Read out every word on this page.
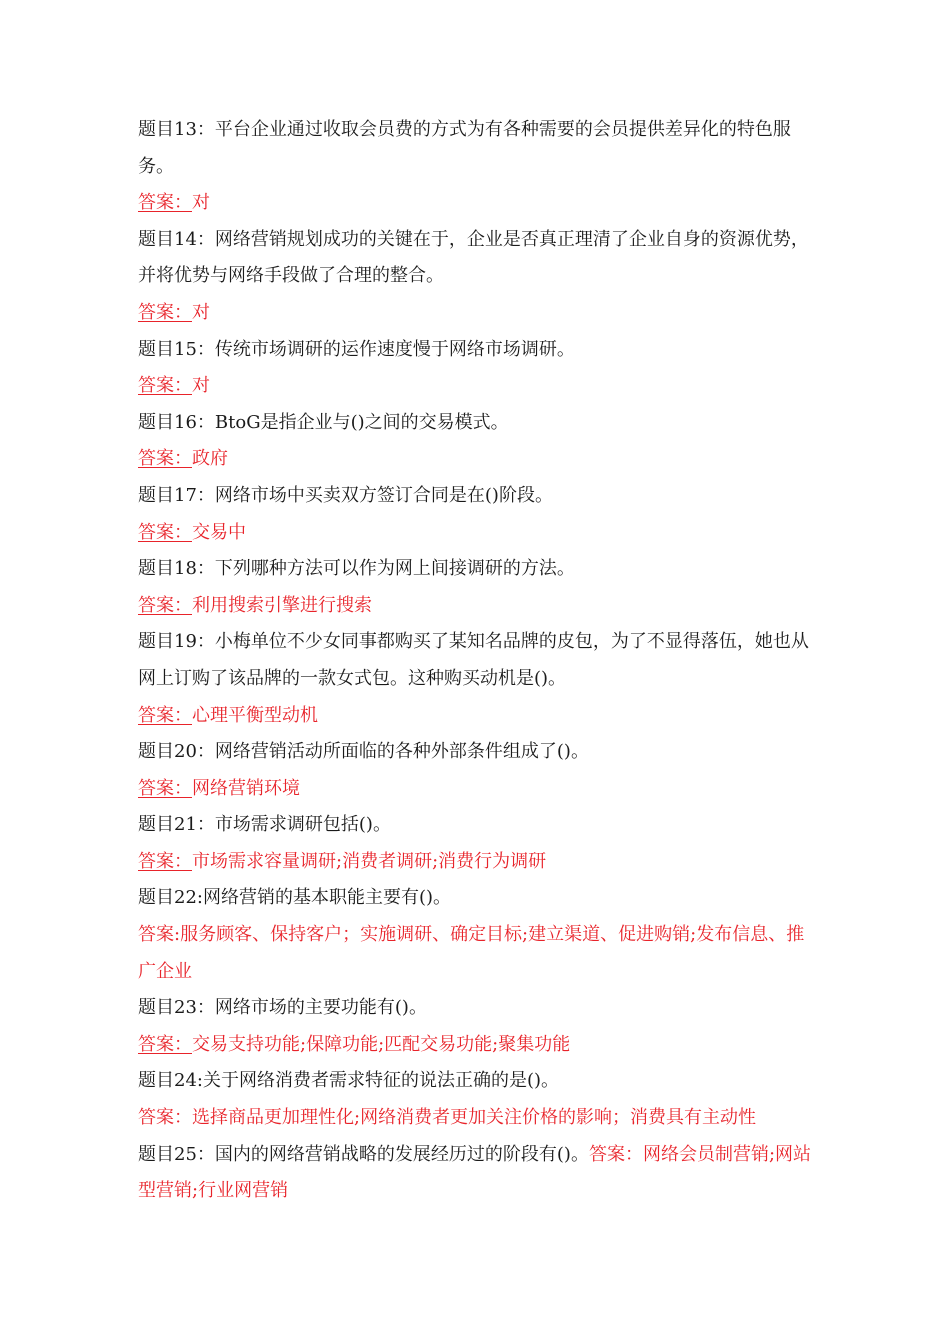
题目13：平台企业通过收取会员费的方式为有各种需要的会员提供差异化的特色服务。

答案：对

题目14：网络营销规划成功的关键在于，企业是否真正理清了企业自身的资源优势，并将优势与网络手段做了合理的整合。

答案：对

题目15：传统市场调研的运作速度慢于网络市场调研。

答案：对

题目16：BtoG是指企业与()之间的交易模式。

答案：政府

题目17：网络市场中买卖双方签订合同是在()阶段。

答案：交易中

题目18：下列哪种方法可以作为网上间接调研的方法。

答案：利用搜索引擎进行搜索

题目19：小梅单位不少女同事都购买了某知名品牌的皮包，为了不显得落伍，她也从网上订购了该品牌的一款女式包。这种购买动机是()。

答案：心理平衡型动机

题目20：网络营销活动所面临的各种外部条件组成了()。

答案：网络营销环境

题目21：市场需求调研包括()。

答案：市场需求容量调研;消费者调研;消费行为调研

题目22:网络营销的基本职能主要有()。

答案:服务顾客、保持客户；实施调研、确定目标;建立渠道、促进购销;发布信息、推广企业

题目23：网络市场的主要功能有()。

答案：交易支持功能;保障功能;匹配交易功能;聚集功能

题目24:关于网络消费者需求特征的说法正确的是()。

答案：选择商品更加理性化;网络消费者更加关注价格的影响；消费具有主动性

题目25：国内的网络营销战略的发展经历过的阶段有()。答案：网络会员制营销;网站型营销;行业网营销
